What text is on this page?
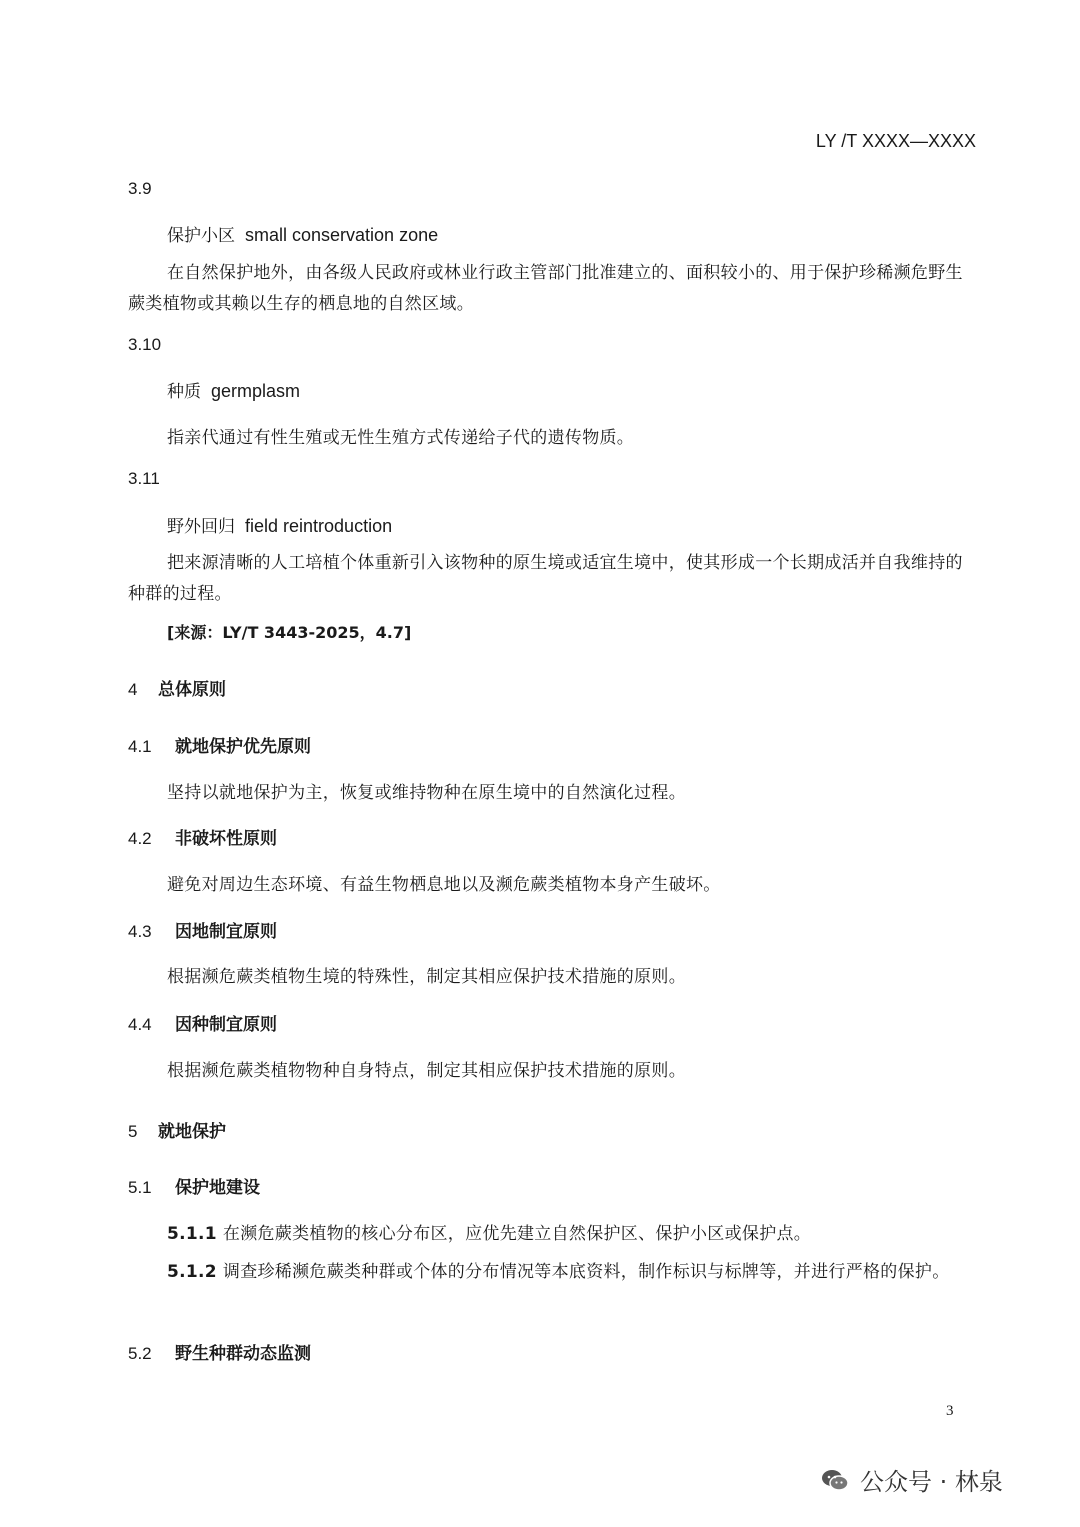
LY /T XXXX—XXXX
3.9
保护小区 small conservation zone
在自然保护地外，由各级人民政府或林业行政主管部门批准建立的、面积较小的、用于保护珍稀濒危野生蕨类植物或其赖以生存的栖息地的自然区域。
3.10
种质 germplasm
指亲代通过有性生殖或无性生殖方式传递给子代的遗传物质。
3.11
野外回归 field reintroduction
把来源清晰的人工培植个体重新引入该物种的原生境或适宜生境中，使其形成一个长期成活并自我维持的种群的过程。
[来源：LY/T 3443-2025，4.7]
4 总体原则
4.1 就地保护优先原则
坚持以就地保护为主，恢复或维持物种在原生境中的自然演化过程。
4.2 非破坏性原则
避免对周边生态环境、有益生物栖息地以及濒危蕨类植物本身产生破坏。
4.3 因地制宜原则
根据濒危蕨类植物生境的特殊性，制定其相应保护技术措施的原则。
4.4 因种制宜原则
根据濒危蕨类植物物种自身特点，制定其相应保护技术措施的原则。
5 就地保护
5.1 保护地建设
5.1.1 在濒危蕨类植物的核心分布区，应优先建立自然保护区、保护小区或保护点。
5.1.2 调查珍稀濒危蕨类种群或个体的分布情况等本底资料，制作标识与标牌等，并进行严格的保护。
5.2 野生种群动态监测
3
公众号 · 林泉
